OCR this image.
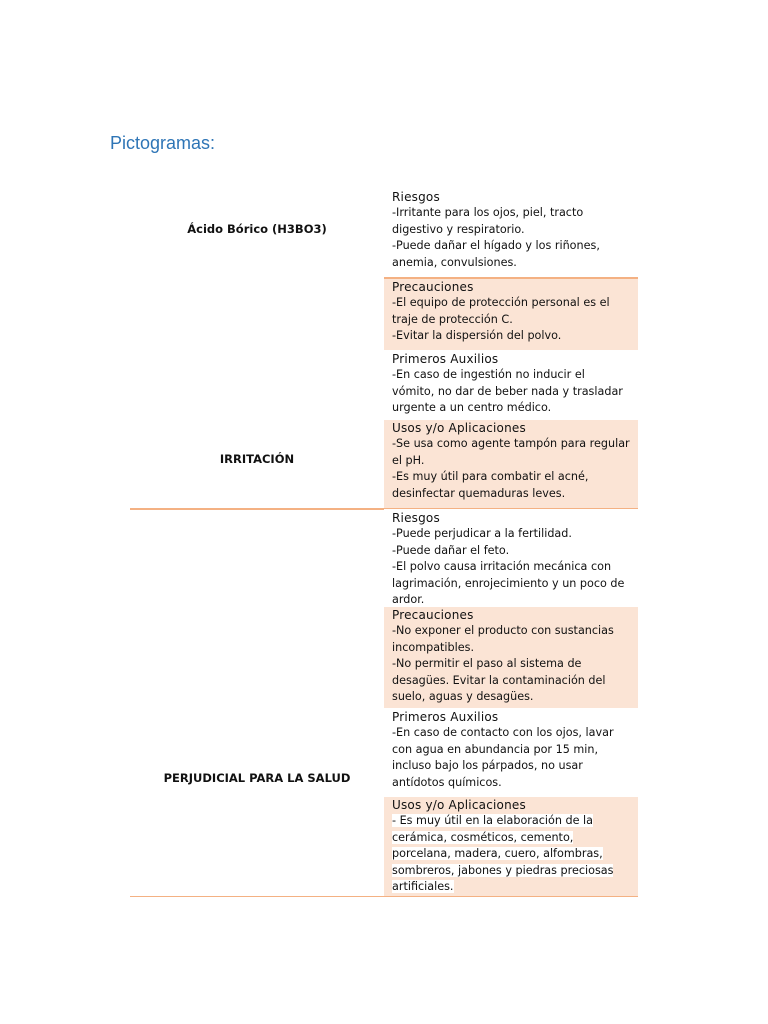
Pictogramas:
Ácido Bórico (H3BO3)
IRRITACIÓN
PERJUDICIAL PARA LA SALUD
Riesgos
-Irritante para los ojos, piel, tracto digestivo y respiratorio.
-Puede dañar el hígado y los riñones, anemia, convulsiones.
Precauciones
-El equipo de protección personal es el traje de protección C.
-Evitar la dispersión del polvo.
Primeros Auxilios
-En caso de ingestión no inducir el vómito, no dar de beber nada y trasladar urgente a un centro médico.
Usos y/o Aplicaciones
-Se usa como agente tampón para regular el pH.
-Es muy útil para combatir el acné, desinfectar quemaduras leves.
Riesgos
-Puede perjudicar a la fertilidad.
-Puede dañar el feto.
-El polvo causa irritación mecánica con lagrimación, enrojecimiento y un poco de ardor.
Precauciones
-No exponer el producto con sustancias incompatibles.
-No permitir el paso al sistema de desagües. Evitar la contaminación del suelo, aguas y desagües.
Primeros Auxilios
-En caso de contacto con los ojos, lavar con agua en abundancia por 15 min, incluso bajo los párpados, no usar antídotos químicos.
Usos y/o Aplicaciones
- Es muy útil en la elaboración de la cerámica, cosméticos, cemento, porcelana, madera, cuero, alfombras, sombreros, jabones y piedras preciosas artificiales.
